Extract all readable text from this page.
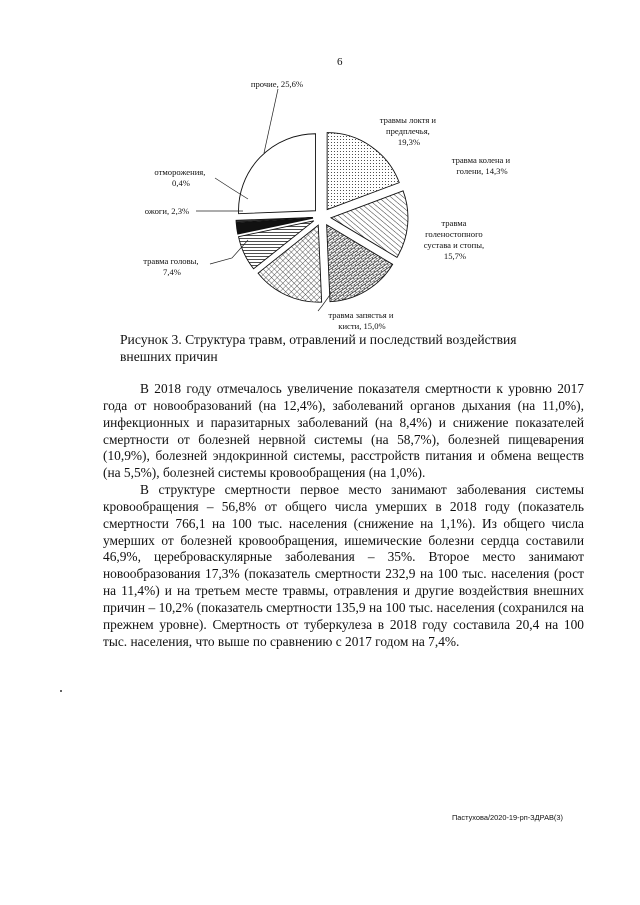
6
травмы локтя и предплечья, 19,3%
травма колена и голени, 14,3%
травма голеностопного сустава и стопы, 15,7%
травма запястья и кисти, 15,0%
травма головы, 7,4%
ожоги, 2,3%
отморожения, 0,4%
прочие, 25,6%
Рисунок 3. Структура травм, отравлений и последствий воздействия
внешних причин

В 2018 году отмечалось увеличение показателя смертности к уровню 2017 года от новообразований (на 12,4%), заболеваний органов дыхания (на 11,0%), инфекционных и паразитарных заболеваний (на 8,4%) и снижение показателей смертности от болезней нервной системы (на 58,7%), болезней пищеварения (10,9%), болезней эндокринной системы, расстройств питания и обмена веществ (на 5,5%), болезней системы кровообращения (на 1,0%).

В структуре смертности первое место занимают заболевания системы кровообращения – 56,8% от общего числа умерших в 2018 году (показатель смертности 766,1 на 100 тыс. населения (снижение на 1,1%). Из общего числа умерших от болезней кровообращения, ишемические болезни сердца составили 46,9%, цереброваскулярные заболевания – 35%. Второе место занимают новообразования 17,3% (показатель смертности 232,9 на 100 тыс. населения (рост на 11,4%) и на третьем месте травмы, отравления и другие воздействия внешних причин – 10,2% (показатель смертности 135,9 на 100 тыс. населения (сохранился на прежнем уровне). Смертность от туберкулеза в 2018 году составила 20,4 на 100 тыс. населения, что выше по сравнению с 2017 годом на 7,4%.

Пастухова/2020-19-рп-ЗДРАВ(3)
